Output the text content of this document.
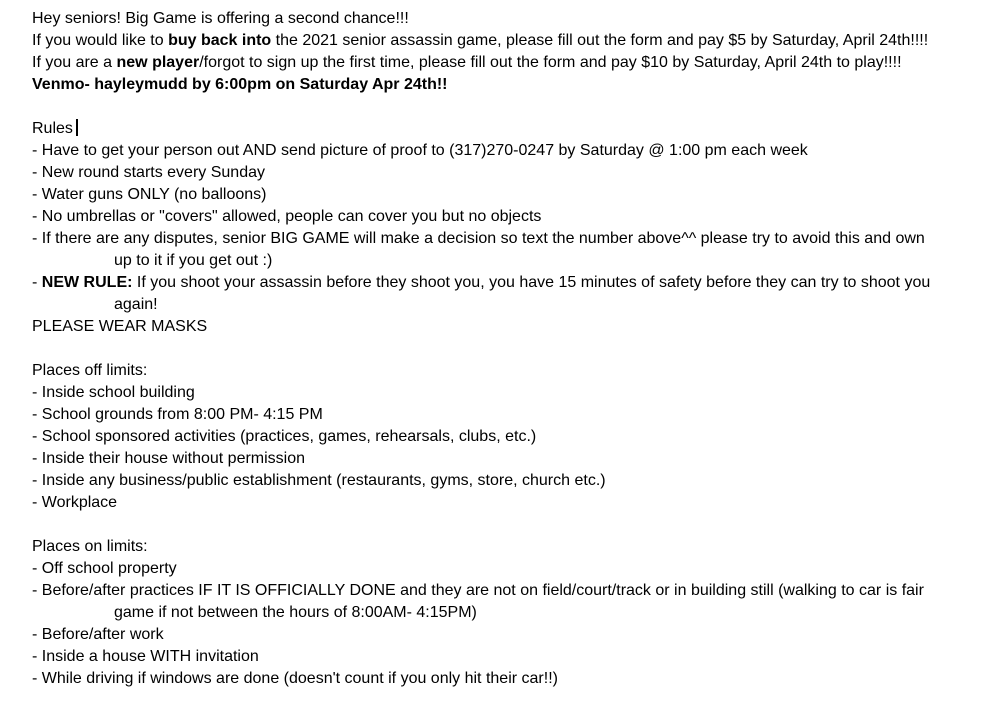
Hey seniors! Big Game is offering a second chance!!!
If you would like to buy back into the 2021 senior assassin game, please fill out the form and pay $5 by Saturday, April 24th!!!!
If you are a new player/forgot to sign up the first time, please fill out the form and pay $10 by Saturday, April 24th to play!!!!
Venmo- hayleymudd by 6:00pm on Saturday Apr 24th!!
Rules
- Have to get your person out AND send picture of proof to (317)270-0247 by Saturday @ 1:00 pm each week
- New round starts every Sunday
- Water guns ONLY (no balloons)
- No umbrellas or "covers" allowed, people can cover you but no objects
- If there are any disputes, senior BIG GAME will make a decision so text the number above^^ please try to avoid this and own
up to it if you get out :)
- NEW RULE: If you shoot your assassin before they shoot you, you have 15 minutes of safety before they can try to shoot you
again!
PLEASE WEAR MASKS
Places off limits:
- Inside school building
- School grounds from 8:00 PM- 4:15 PM
- School sponsored activities (practices, games, rehearsals, clubs, etc.)
- Inside their house without permission
- Inside any business/public establishment (restaurants, gyms, store, church etc.)
- Workplace
Places on limits:
- Off school property
- Before/after practices IF IT IS OFFICIALLY DONE and they are not on field/court/track or in building still (walking to car is fair
game if not between the hours of 8:00AM- 4:15PM)
- Before/after work
- Inside a house WITH invitation
- While driving if windows are done (doesn't count if you only hit their car!!)
